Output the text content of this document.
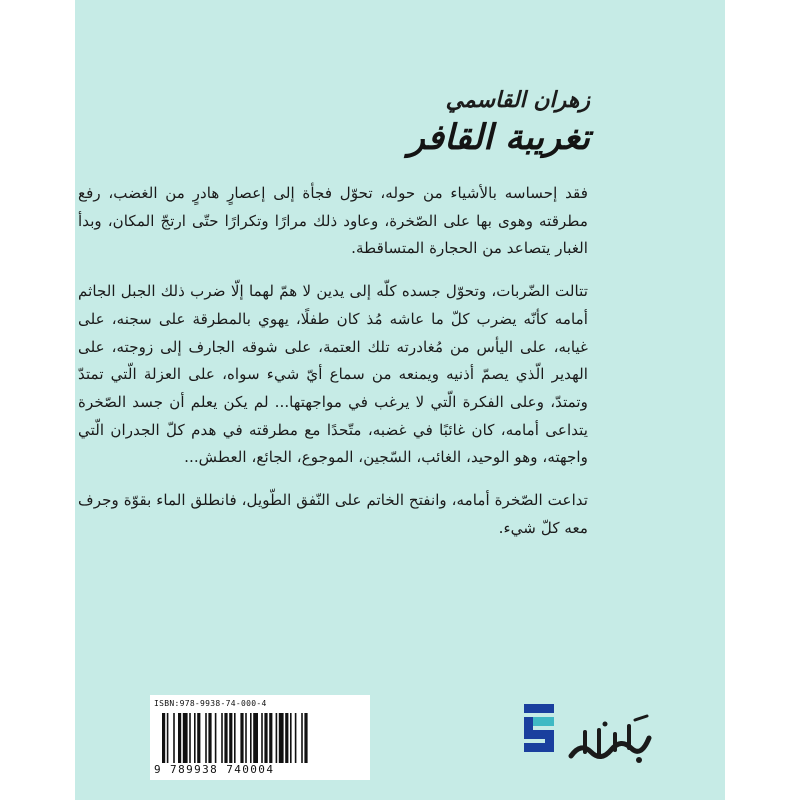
زهران القاسمي
تغريبة القافر

فقد إحساسه بالأشياء من حوله، تحوّل فجأة إلى إعصارٍ هادرٍ من الغضب، رفع مطرقته وهوى بها على الصّخرة، وعاود ذلك مرارًا وتكرارًا حتّى ارتجّ المكان، وبدأ الغبار يتصاعد من الحجارة المتساقطة.

تتالت الضّربات، وتحوّل جسده كلّه إلى يدين لا همّ لهما إلّا ضرب ذلك الجبل الجاثم أمامه كأنّه يضرب كلّ ما عاشه مُذ كان طفلًا، يهوي بالمطرقة على سجنه، على غيابه، على اليأس من مُغادرته تلك العتمة، على شوقه الجارف إلى زوجته، على الهدير الّذي يصمّ أذنيه ويمنعه من سماع أيّ شيء سواه، على العزلة الّتي تمتدّ وتمتدّ، وعلى الفكرة الّتي لا يرغب في مواجهتها... لم يكن يعلم أن جسد الصّخرة يتداعى أمامه، كان غائبًا في غضبه، متّحدًا مع مطرقته في هدم كلّ الجدران الّتي واجهته، وهو الوحيد، الغائب، السّجين، الموجوع، الجائع، العطش...

تداعت الصّخرة أمامه، وانفتح الخاتم على النّفق الطّويل، فانطلق الماء بقوّة وجرف معه كلّ شيء.

ISBN:978-9938-74-000-4
9 789938 740004
